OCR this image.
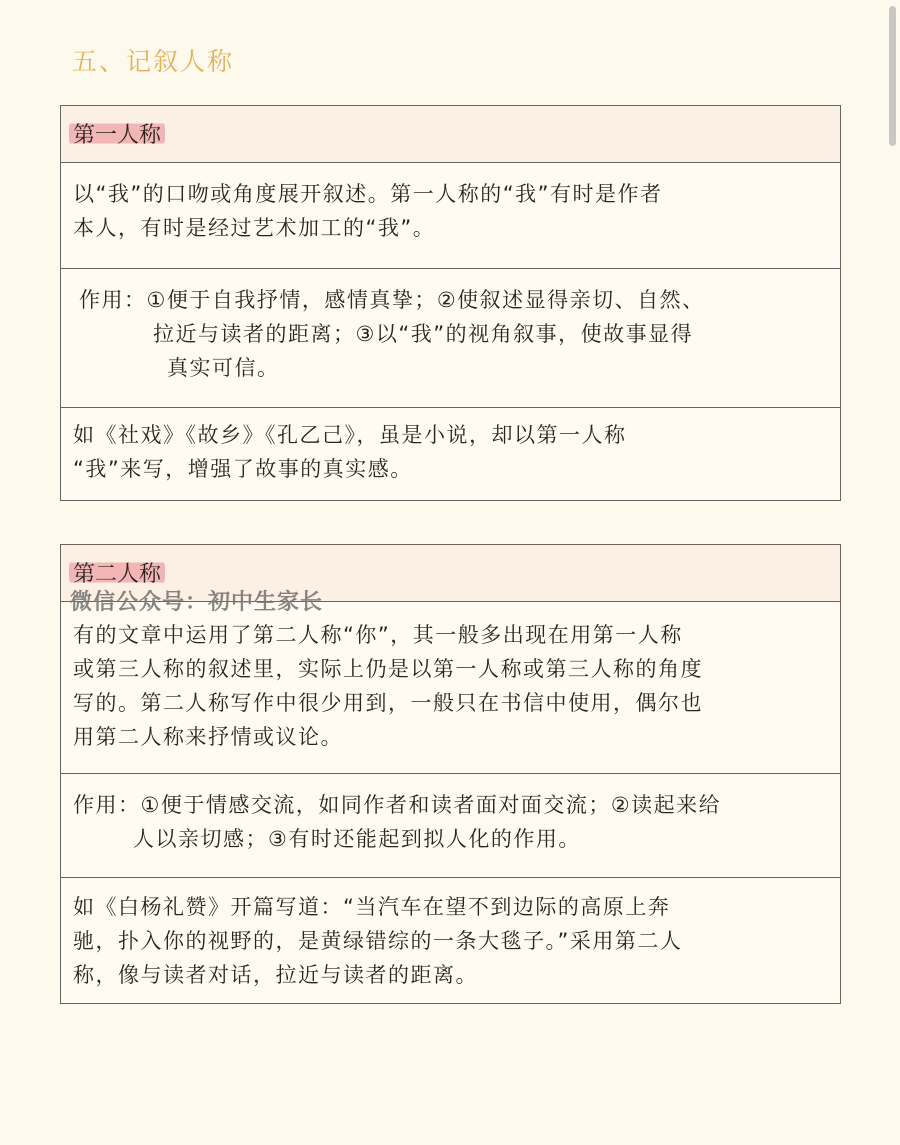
五、记叙人称
第一人称
以“我”的口吻或角度展开叙述。第一人称的“我”有时是作者
本人，有时是经过艺术加工的“我”。
作用：①便于自我抒情，感情真挚；②使叙述显得亲切、自然、
拉近与读者的距离；③以“我”的视角叙事，使故事显得
真实可信。
如《社戏》《故乡》《孔乙己》，虽是小说，却以第一人称
“我”来写，增强了故事的真实感。
第二人称
有的文章中运用了第二人称“你”，其一般多出现在用第一人称
或第三人称的叙述里，实际上仍是以第一人称或第三人称的角度
写的。第二人称写作中很少用到，一般只在书信中使用，偶尔也
用第二人称来抒情或议论。
作用：①便于情感交流，如同作者和读者面对面交流；②读起来给
人以亲切感；③有时还能起到拟人化的作用。
如《白杨礼赞》开篇写道：“当汽车在望不到边际的高原上奔
驰，扑入你的视野的，是黄绿错综的一条大毯子。”采用第二人
称，像与读者对话，拉近与读者的距离。
微信公众号：初中生家长
